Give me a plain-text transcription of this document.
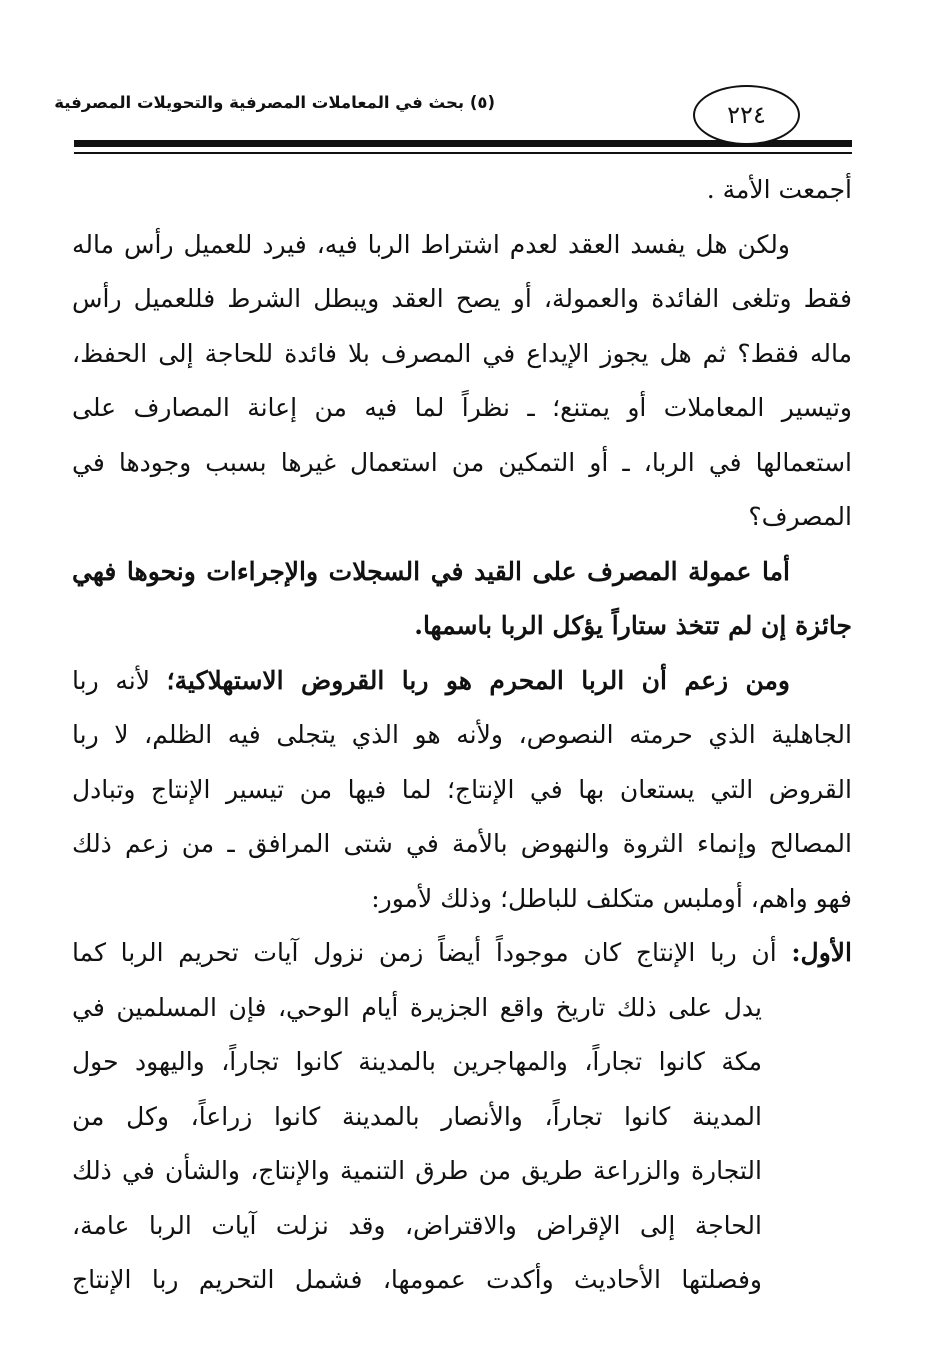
(٥) بحث في المعاملات المصرفية والتحويلات المصرفية	٢٢٤
أجمعت الأمة .
ولكن هل يفسد العقد لعدم اشتراط الربا فيه، فيرد للعميل رأس ماله
فقط وتلغى الفائدة والعمولة، أو يصح العقد ويبطل الشرط فللعميل رأس
ماله فقط؟ ثم هل يجوز الإيداع في المصرف بلا فائدة للحاجة إلى الحفظ،
وتيسير المعاملات أو يمتنع؛ ـ نظراً لما فيه من إعانة المصارف على
استعمالها في الربا، ـ أو التمكين من استعمال غيرها بسبب وجودها في
المصرف؟
أما عمولة المصرف على القيد في السجلات والإجراءات ونحوها فهي
جائزة إن لم تتخذ ستاراً يؤكل الربا باسمها.
ومن زعم أن الربا المحرم هو ربا القروض الاستهلاكية؛ لأنه ربا
الجاهلية الذي حرمته النصوص، ولأنه هو الذي يتجلى فيه الظلم، لا ربا
القروض التي يستعان بها في الإنتاج؛ لما فيها من تيسير الإنتاج وتبادل
المصالح وإنماء الثروة والنهوض بالأمة في شتى المرافق ـ من زعم ذلك
فهو واهم، أوملبس متكلف للباطل؛ وذلك لأمور:
الأول: أن ربا الإنتاج كان موجوداً أيضاً زمن نزول آيات تحريم الربا كما
يدل على ذلك تاريخ واقع الجزيرة أيام الوحي، فإن المسلمين في
مكة كانوا تجاراً، والمهاجرين بالمدينة كانوا تجاراً، واليهود حول
المدينة كانوا تجاراً، والأنصار بالمدينة كانوا زراعاً، وكل من
التجارة والزراعة طريق من طرق التنمية والإنتاج، والشأن في ذلك
الحاجة إلى الإقراض والاقتراض، وقد نزلت آيات الربا عامة،
وفصلتها الأحاديث وأكدت عمومها، فشمل التحريم ربا الإنتاج
